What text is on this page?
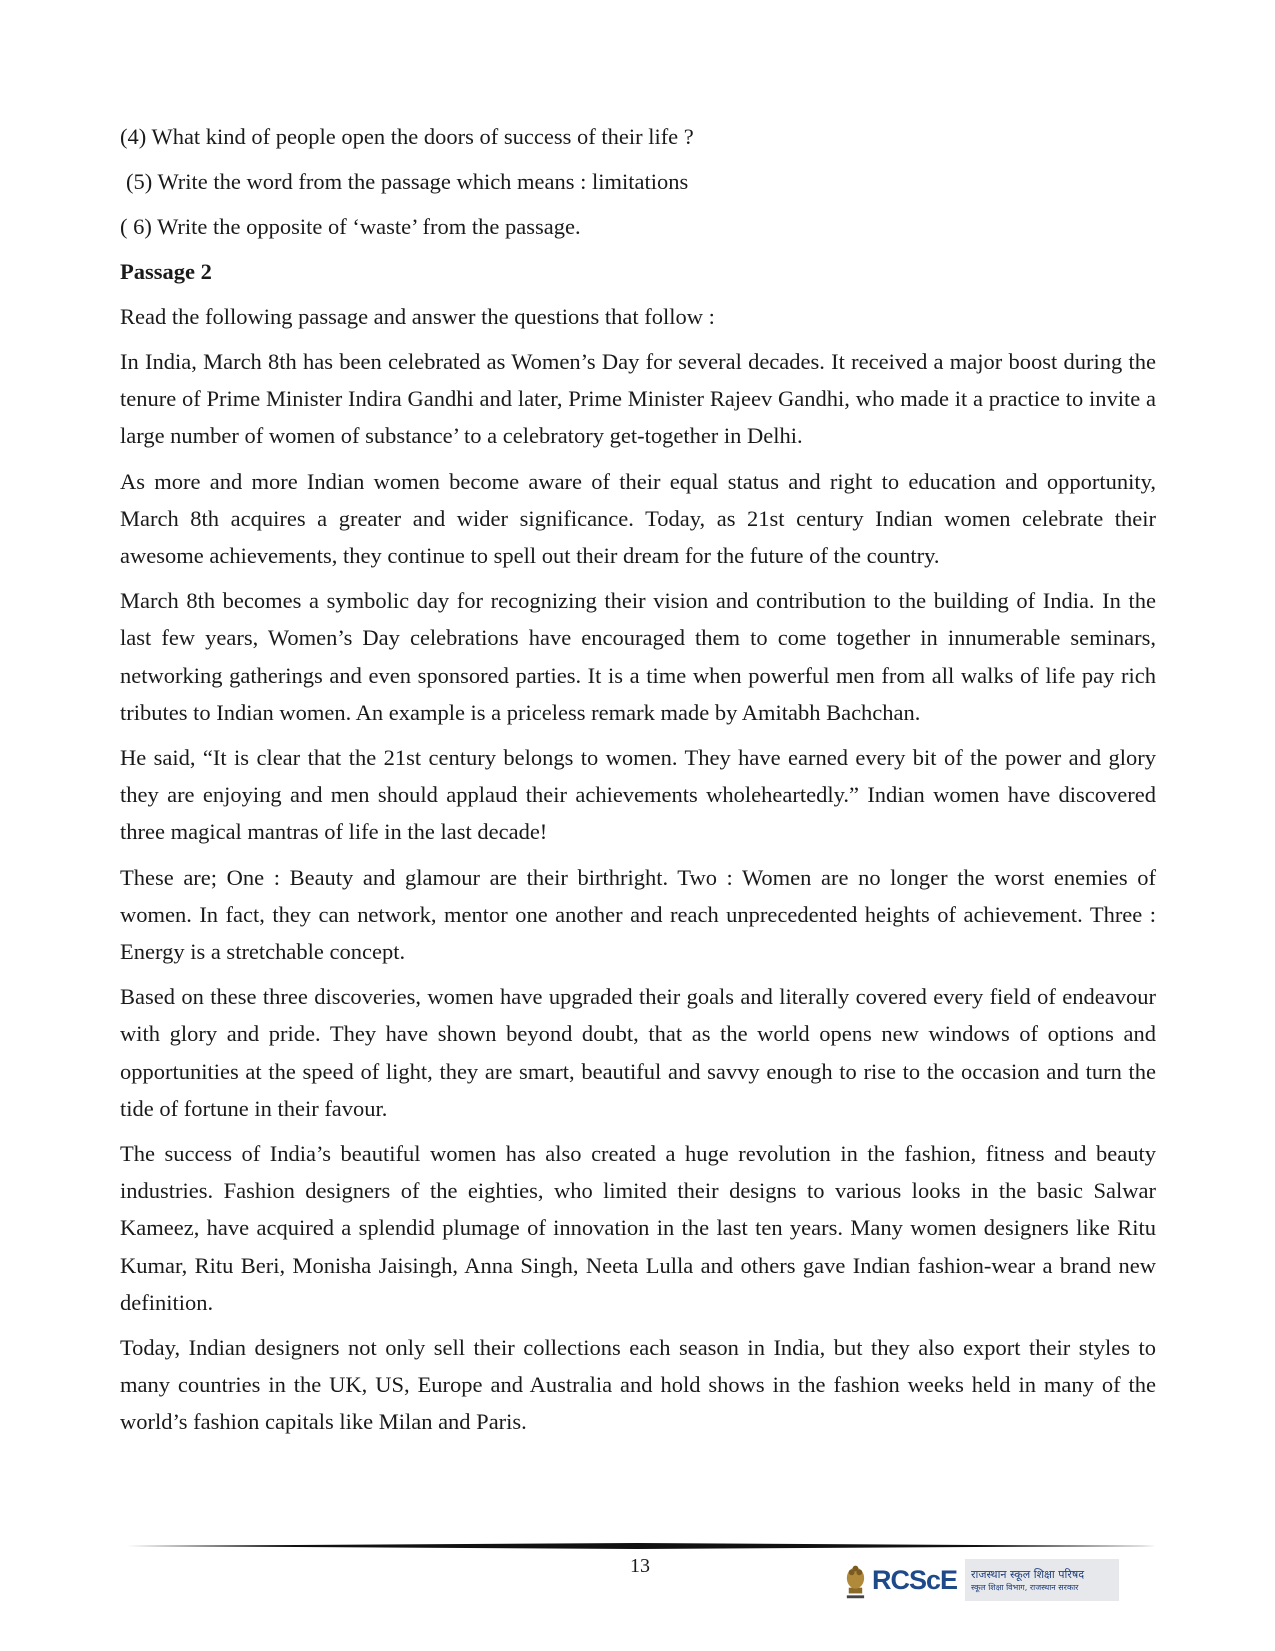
(4) What kind of people open the doors of success of their life ?
(5) Write the word from the passage which means : limitations
( 6) Write the opposite of ‘waste’ from the passage.
Passage 2
Read the following passage and answer the questions that follow :

In India, March 8th has been celebrated as Women’s Day for several decades. It received a major boost during the tenure of Prime Minister Indira Gandhi and later, Prime Minister Rajeev Gandhi, who made it a practice to invite a large number of women of substance’ to a celebratory get-together in Delhi.

As more and more Indian women become aware of their equal status and right to education and opportunity, March 8th acquires a greater and wider significance. Today, as 21st century Indian women celebrate their awesome achievements, they continue to spell out their dream for the future of the country.

March 8th becomes a symbolic day for recognizing their vision and contribution to the building of India. In the last few years, Women’s Day celebrations have encouraged them to come together in innumerable seminars, networking gatherings and even sponsored parties. It is a time when powerful men from all walks of life pay rich tributes to Indian women. An example is a priceless remark made by Amitabh Bachchan.

He said, “It is clear that the 21st century belongs to women. They have earned every bit of the power and glory they are enjoying and men should applaud their achievements wholeheartedly.” Indian women have discovered three magical mantras of life in the last decade!

These are; One : Beauty and glamour are their birthright. Two : Women are no longer the worst enemies of women. In fact, they can network, mentor one another and reach unprecedented heights of achievement. Three : Energy is a stretchable concept.

Based on these three discoveries, women have upgraded their goals and literally covered every field of endeavour with glory and pride. They have shown beyond doubt, that as the world opens new windows of options and opportunities at the speed of light, they are smart, beautiful and savvy enough to rise to the occasion and turn the tide of fortune in their favour.

The success of India’s beautiful women has also created a huge revolution in the fashion, fitness and beauty industries. Fashion designers of the eighties, who limited their designs to various looks in the basic Salwar Kameez, have acquired a splendid plumage of innovation in the last ten years. Many women designers like Ritu Kumar, Ritu Beri, Monisha Jaisingh, Anna Singh, Neeta Lulla and others gave Indian fashion-wear a brand new definition.

Today, Indian designers not only sell their collections each season in India, but they also export their styles to many countries in the UK, US, Europe and Australia and hold shows in the fashion weeks held in many of the world’s fashion capitals like Milan and Paris.

13	RCScE राजस्थान स्कूल शिक्षा परिषद
स्कूल शिक्षा विभाग, राजस्थान सरकार
